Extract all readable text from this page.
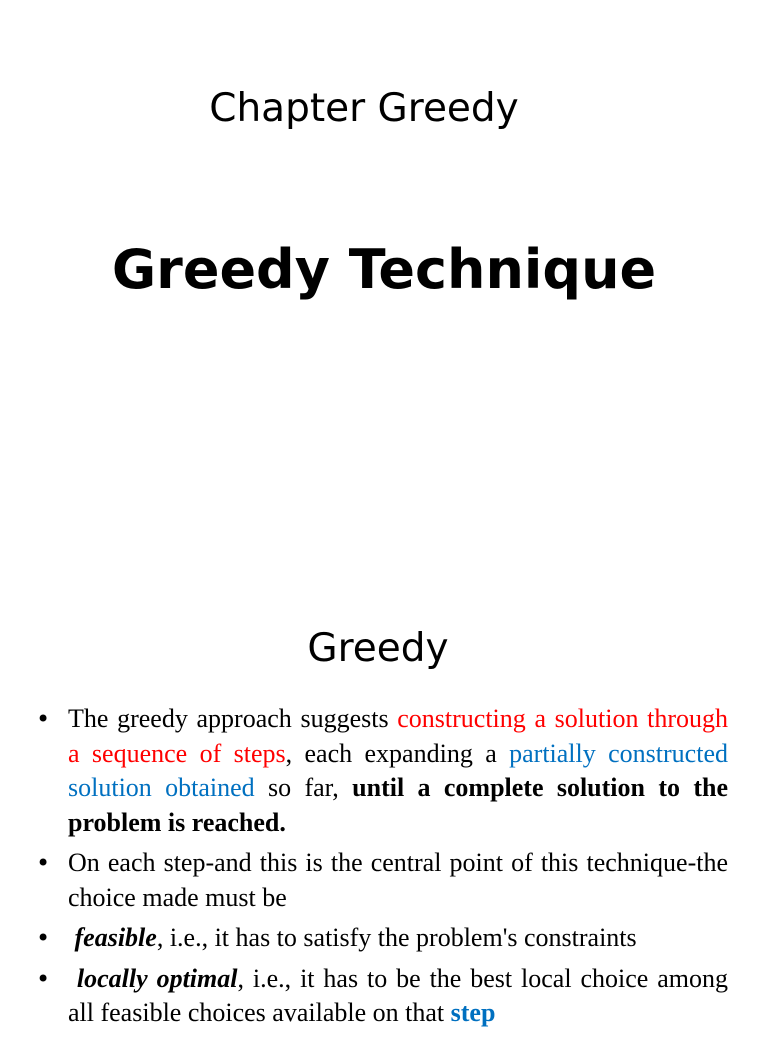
Chapter Greedy
Greedy Technique
Greedy
• The greedy approach suggests constructing a solution through a sequence of steps, each expanding a partially constructed solution obtained so far, until a complete solution to the problem is reached.
• On each step-and this is the central point of this technique-the choice made must be
• feasible, i.e., it has to satisfy the problem's constraints
• locally optimal, i.e., it has to be the best local choice among all feasible choices available on that step
